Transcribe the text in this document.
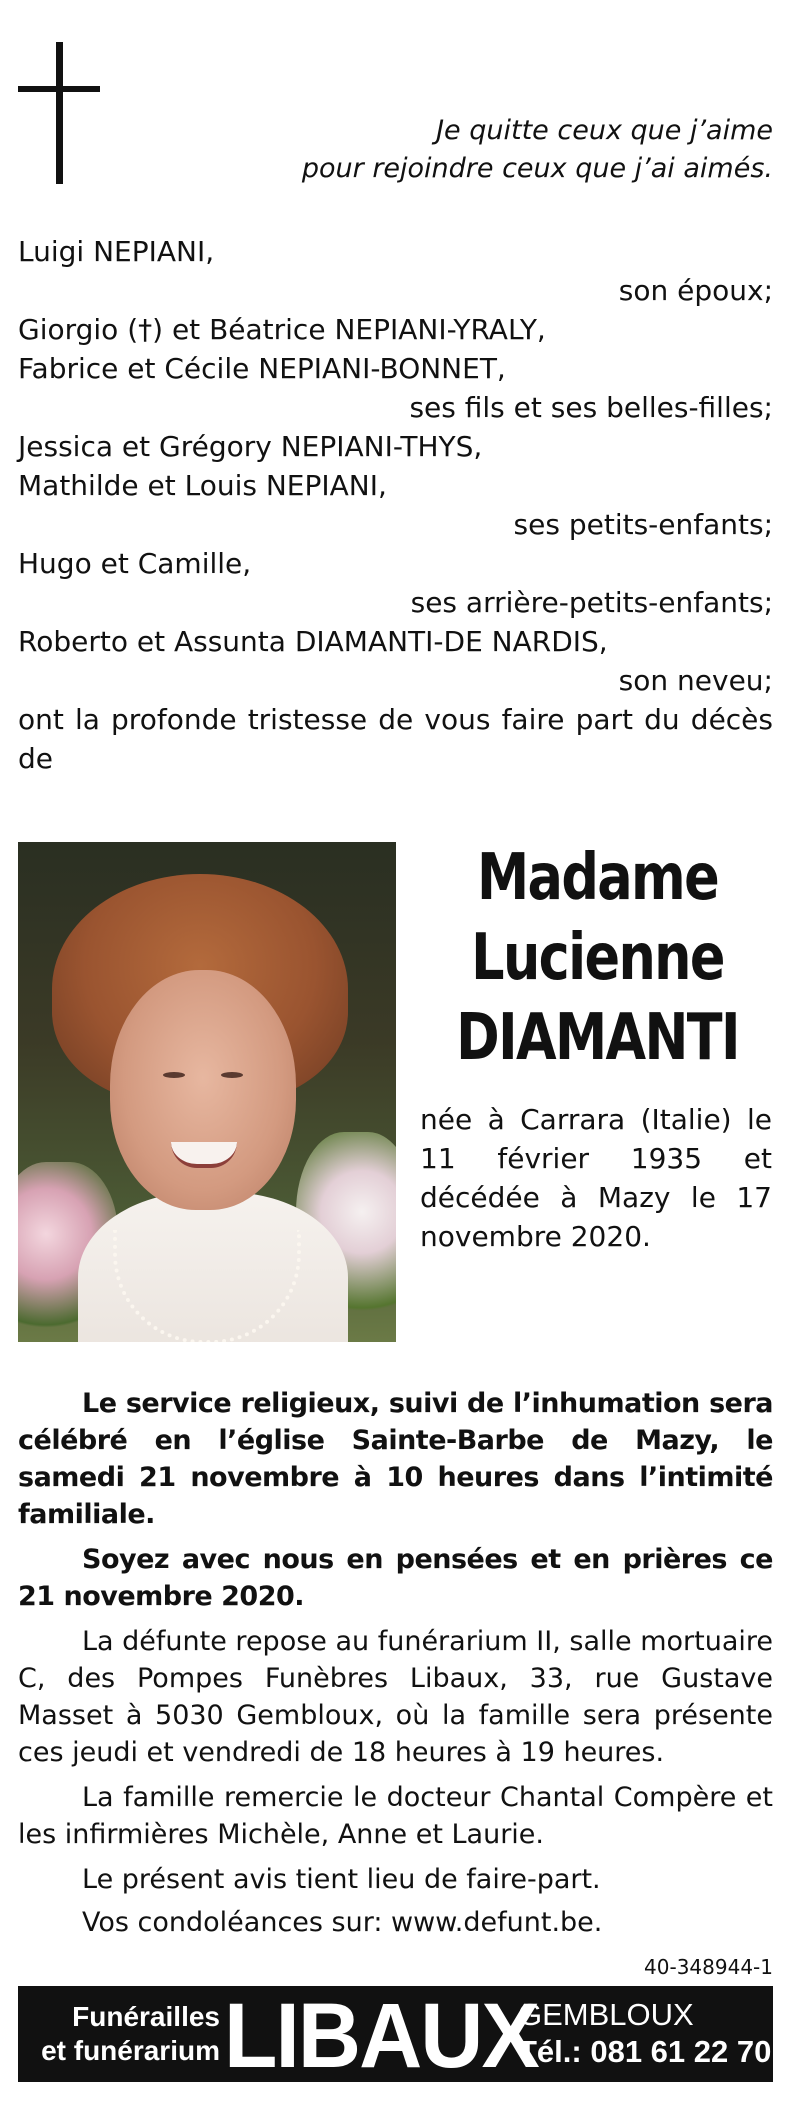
Je quitte ceux que j’aime
pour rejoindre ceux que j’ai aimés.
Luigi NEPIANI,
son époux;
Giorgio (†) et Béatrice NEPIANI-YRALY,
Fabrice et Cécile NEPIANI-BONNET,
ses fils et ses belles-filles;
Jessica et Grégory NEPIANI-THYS,
Mathilde et Louis NEPIANI,
ses petits-enfants;
Hugo et Camille,
ses arrière-petits-enfants;
Roberto et Assunta DIAMANTI-DE NARDIS,
son neveu;
ont la profonde tristesse de vous faire part du décès de
Madame
Lucienne
DIAMANTI
née à Carrara (Italie) le 11 février 1935 et décédée à Mazy le 17 novembre 2020.

Le service religieux, suivi de l’inhumation sera célébré en l’église Sainte-Barbe de Mazy, le samedi 21 novembre à 10 heures dans l’intimité familiale.

Soyez avec nous en pensées et en prières ce 21 novembre 2020.

La défunte repose au funérarium II, salle mortuaire C, des Pompes Funèbres Libaux, 33, rue Gustave Masset à 5030 Gembloux, où la famille sera présente ces jeudi et vendredi de 18 heures à 19 heures.

La famille remercie le docteur Chantal Compère et les infirmières Michèle, Anne et Laurie.

Le présent avis tient lieu de faire-part.

Vos condoléances sur: www.defunt.be.

40-348944-1
Funérailles
et funérarium LIBAUX
GEMBLOUX
Tél.: 081 61 22 70
